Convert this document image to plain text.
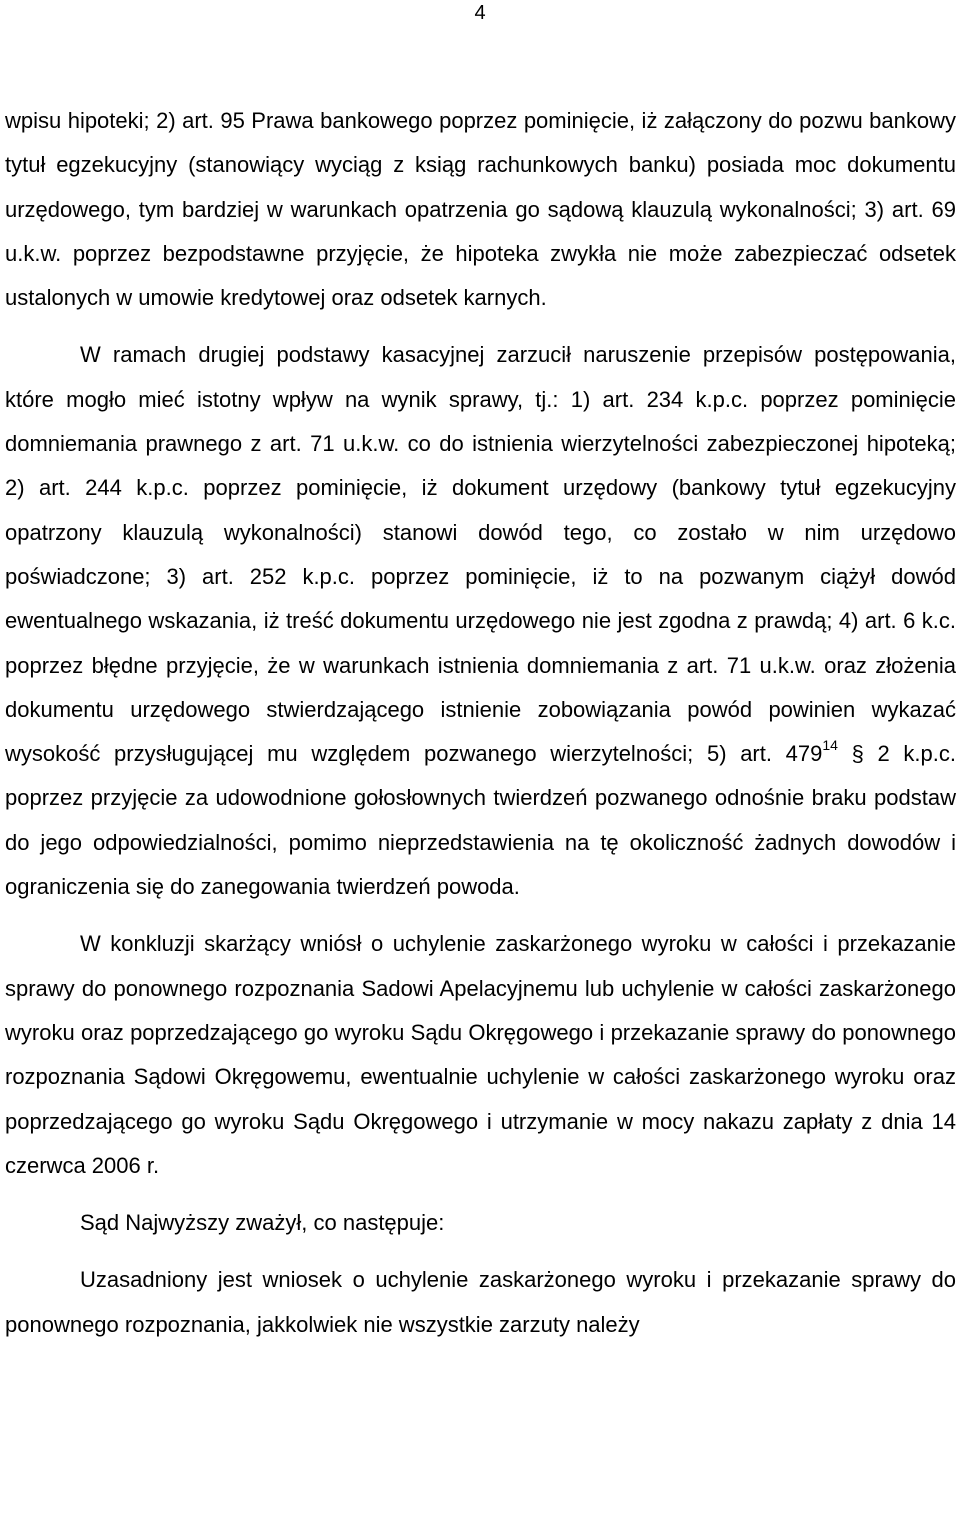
4

wpisu hipoteki; 2) art. 95 Prawa bankowego poprzez pominięcie, iż załączony do pozwu bankowy tytuł egzekucyjny (stanowiący wyciąg z ksiąg rachunkowych banku) posiada moc dokumentu urzędowego, tym bardziej w warunkach opatrzenia go sądową klauzulą wykonalności; 3) art. 69 u.k.w. poprzez bezpodstawne przyjęcie, że hipoteka zwykła nie może zabezpieczać odsetek ustalonych w umowie kredytowej oraz odsetek karnych.

W ramach drugiej podstawy kasacyjnej zarzucił naruszenie przepisów postępowania, które mogło mieć istotny wpływ na wynik sprawy, tj.: 1) art. 234 k.p.c. poprzez pominięcie domniemania prawnego z art. 71 u.k.w. co do istnienia wierzytelności zabezpieczonej hipoteką; 2) art. 244 k.p.c. poprzez pominięcie, iż dokument urzędowy (bankowy tytuł egzekucyjny opatrzony klauzulą wykonalności) stanowi dowód tego, co zostało w nim urzędowo poświadczone; 3) art. 252 k.p.c. poprzez pominięcie, iż to na pozwanym ciążył dowód ewentualnego wskazania, iż treść dokumentu urzędowego nie jest zgodna z prawdą; 4) art. 6 k.c. poprzez błędne przyjęcie, że w warunkach istnienia domniemania z art. 71 u.k.w. oraz złożenia dokumentu urzędowego stwierdzającego istnienie zobowiązania powód powinien wykazać wysokość przysługującej mu względem pozwanego wierzytelności; 5) art. $479^{14}$ § 2 k.p.c. poprzez przyjęcie za udowodnione gołosłownych twierdzeń pozwanego odnośnie braku podstaw do jego odpowiedzialności, pomimo nieprzedstawienia na tę okoliczność żadnych dowodów i ograniczenia się do zanegowania twierdzeń powoda.

W konkluzji skarżący wniósł o uchylenie zaskarżonego wyroku w całości i przekazanie sprawy do ponownego rozpoznania Sadowi Apelacyjnemu lub uchylenie w całości zaskarżonego wyroku oraz poprzedzającego go wyroku Sądu Okręgowego i przekazanie sprawy do ponownego rozpoznania Sądowi Okręgowemu, ewentualnie uchylenie w całości zaskarżonego wyroku oraz poprzedzającego go wyroku Sądu Okręgowego i utrzymanie w mocy nakazu zapłaty z dnia 14 czerwca 2006 r.

Sąd Najwyższy zważył, co następuje:

Uzasadniony jest wniosek o uchylenie zaskarżonego wyroku i przekazanie sprawy do ponownego rozpoznania, jakkolwiek nie wszystkie zarzuty należy
